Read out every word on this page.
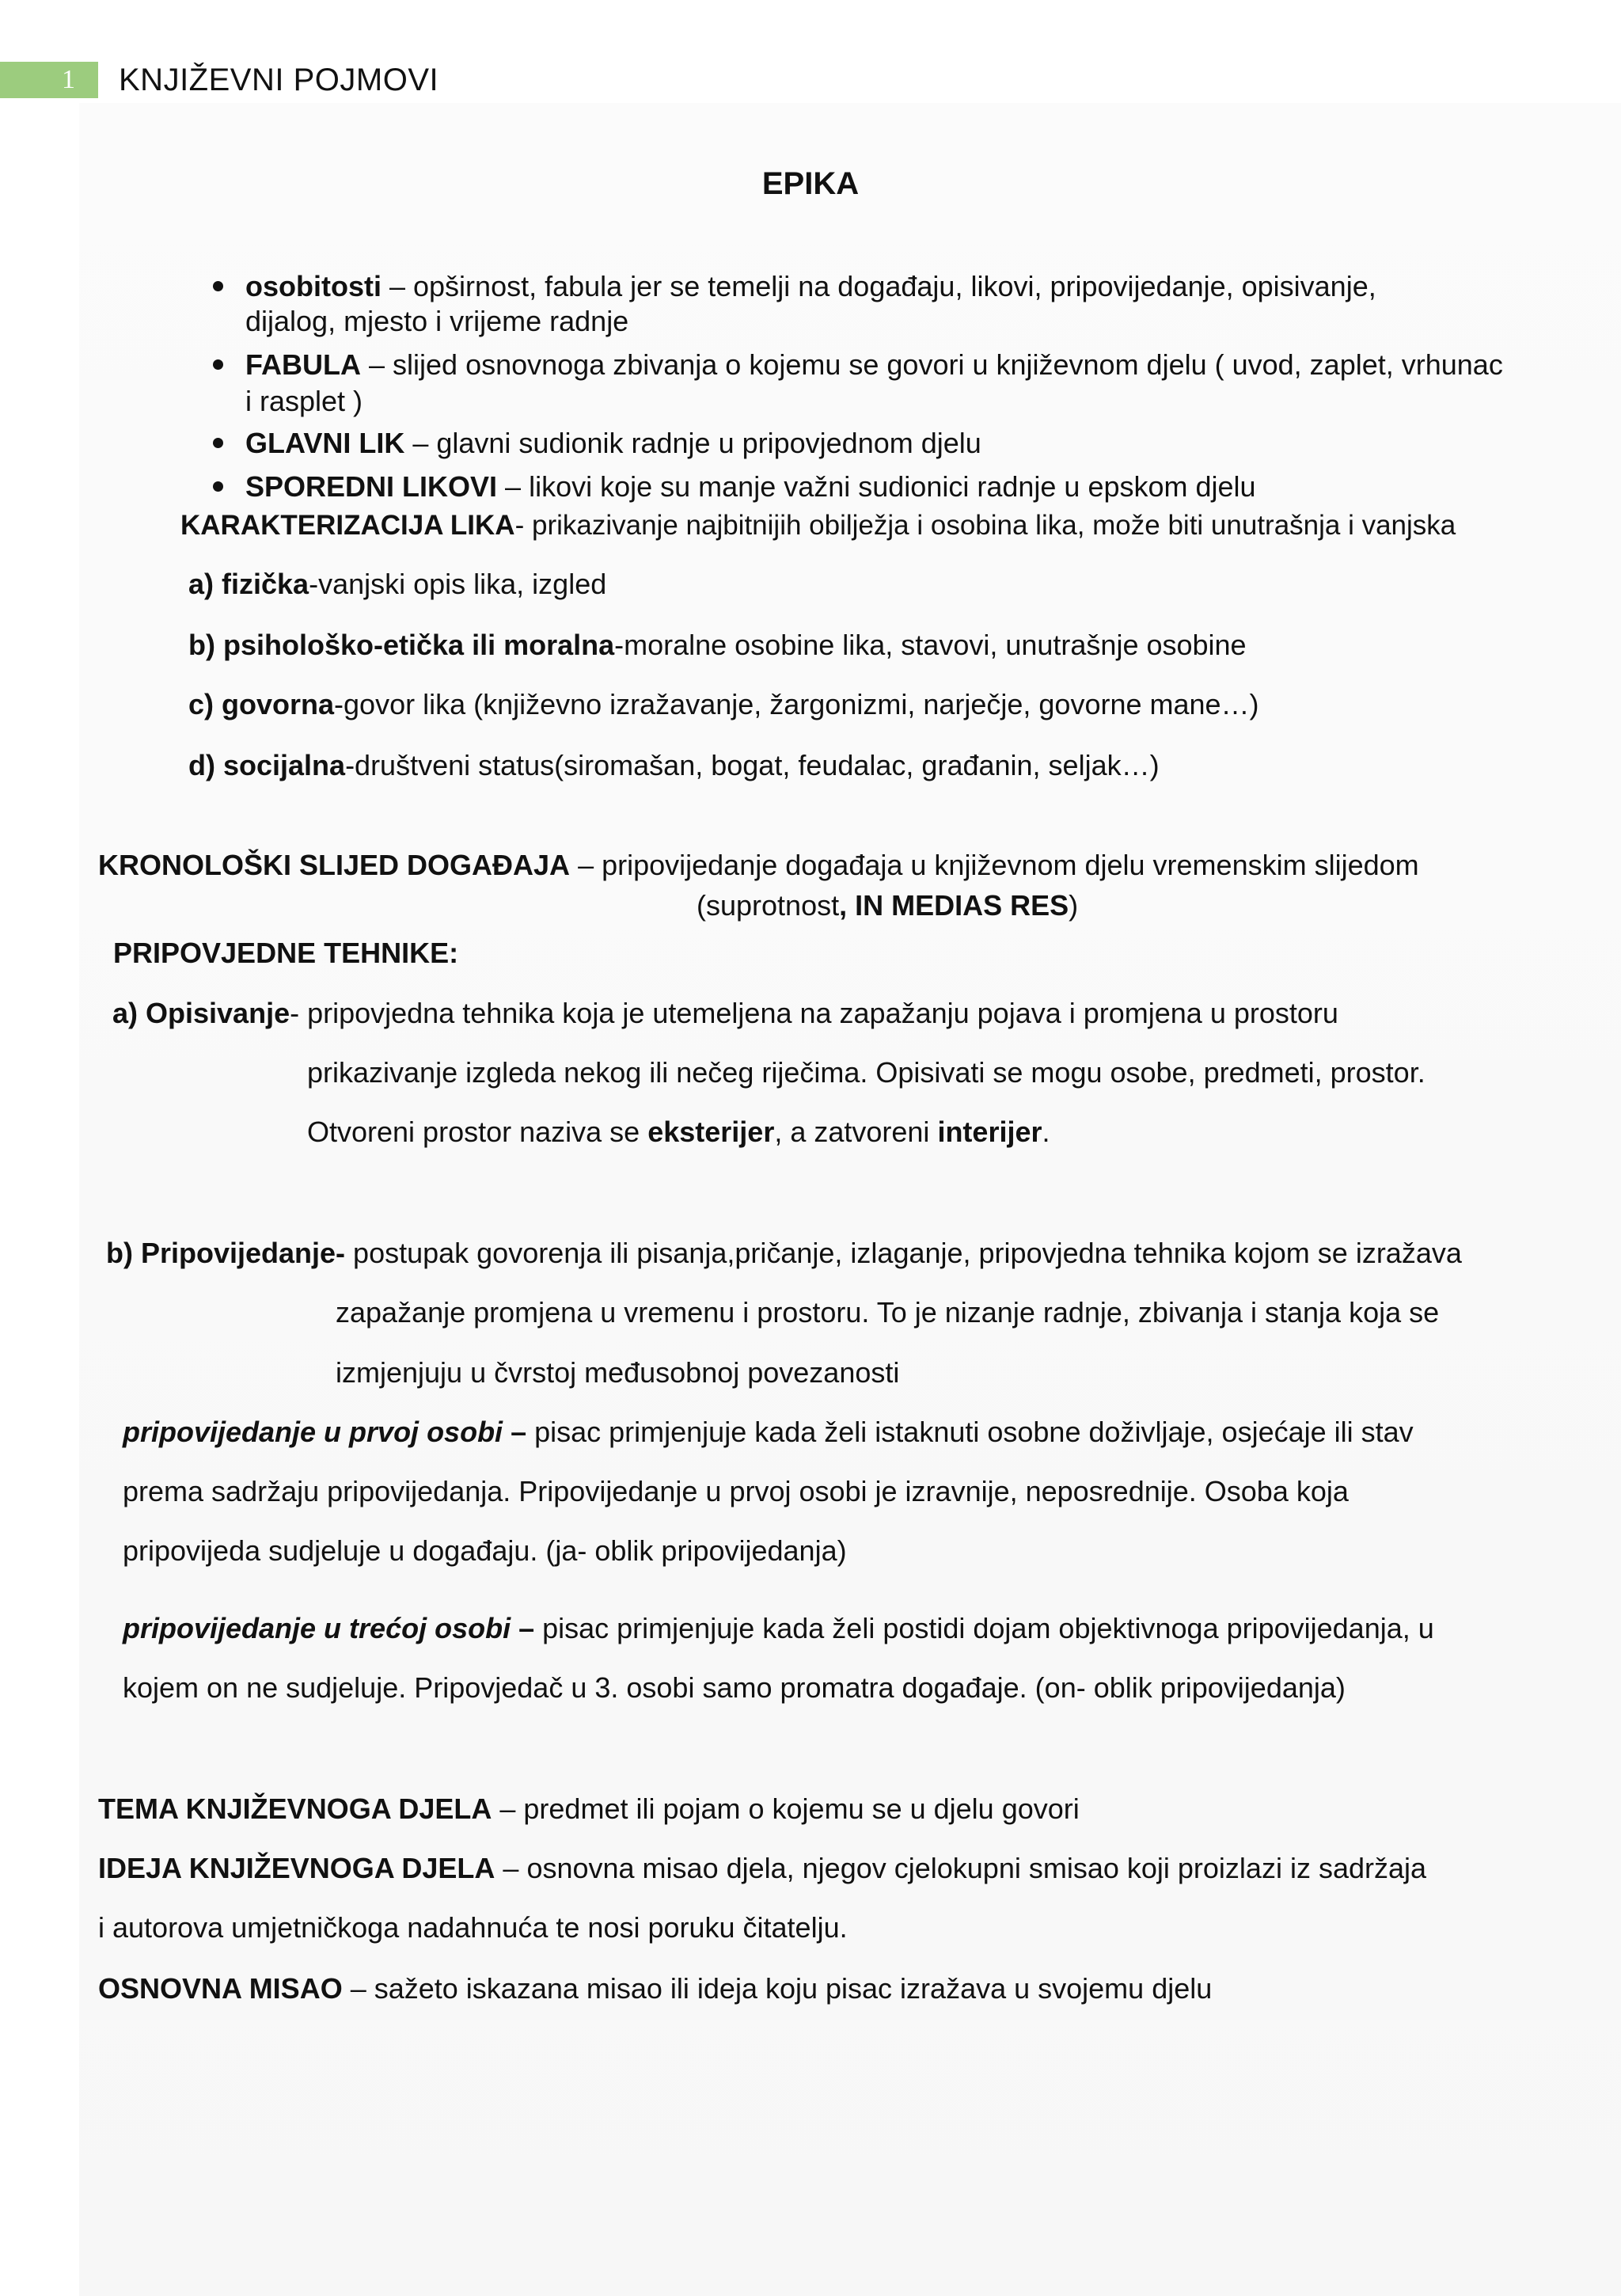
1 KNJIŽEVNI POJMOVI
EPIKA
osobitosti – opširnost, fabula jer se temelji na događaju, likovi, pripovijedanje, opisivanje,
dijalog, mjesto i vrijeme radnje
FABULA – slijed osnovnoga zbivanja o kojemu se govori u književnom djelu ( uvod, zaplet, vrhunac
i rasplet )
GLAVNI LIK – glavni sudionik radnje u pripovjednom djelu
SPOREDNI LIKOVI – likovi koje su manje važni sudionici radnje u epskom djelu
KARAKTERIZACIJA LIKA- prikazivanje najbitnijih obilježja i osobina lika, može biti unutrašnja i vanjska
a) fizička-vanjski opis lika, izgled
b) psihološko-etička ili moralna-moralne osobine lika, stavovi, unutrašnje osobine
c) govorna-govor lika (književno izražavanje, žargonizmi, narječje, govorne mane…)
d) socijalna-društveni status(siromašan, bogat, feudalac, građanin, seljak…)
KRONOLOŠKI SLIJED DOGAĐAJA – pripovijedanje događaja u književnom djelu vremenskim slijedom
(suprotnost, IN MEDIAS RES)
PRIPOVJEDNE TEHNIKE:
a) Opisivanje- pripovjedna tehnika koja je utemeljena na zapažanju pojava i promjena u prostoru
prikazivanje izgleda nekog ili nečeg riječima. Opisivati se mogu osobe, predmeti, prostor.
Otvoreni prostor naziva se eksterijer, a zatvoreni interijer.
b) Pripovijedanje- postupak govorenja ili pisanja,pričanje, izlaganje, pripovjedna tehnika kojom se izražava
zapažanje promjena u vremenu i prostoru. To je nizanje radnje, zbivanja i stanja koja se
izmjenjuju u čvrstoj međusobnoj povezanosti
pripovijedanje u prvoj osobi – pisac primjenjuje kada želi istaknuti osobne doživljaje, osjećaje ili stav
prema sadržaju pripovijedanja. Pripovijedanje u prvoj osobi je izravnije, neposrednije. Osoba koja
pripovijeda sudjeluje u događaju. (ja- oblik pripovijedanja)
pripovijedanje u trećoj osobi – pisac primjenjuje kada želi postidi dojam objektivnoga pripovijedanja, u
kojem on ne sudjeluje. Pripovjedač u 3. osobi samo promatra događaje. (on- oblik pripovijedanja)
TEMA KNJIŽEVNOGA DJELA – predmet ili pojam o kojemu se u djelu govori
IDEJA KNJIŽEVNOGA DJELA – osnovna misao djela, njegov cjelokupni smisao koji proizlazi iz sadržaja
i autorova umjetničkoga nadahnuća te nosi poruku čitatelju.
OSNOVNA MISAO – sažeto iskazana misao ili ideja koju pisac izražava u svojemu djelu
